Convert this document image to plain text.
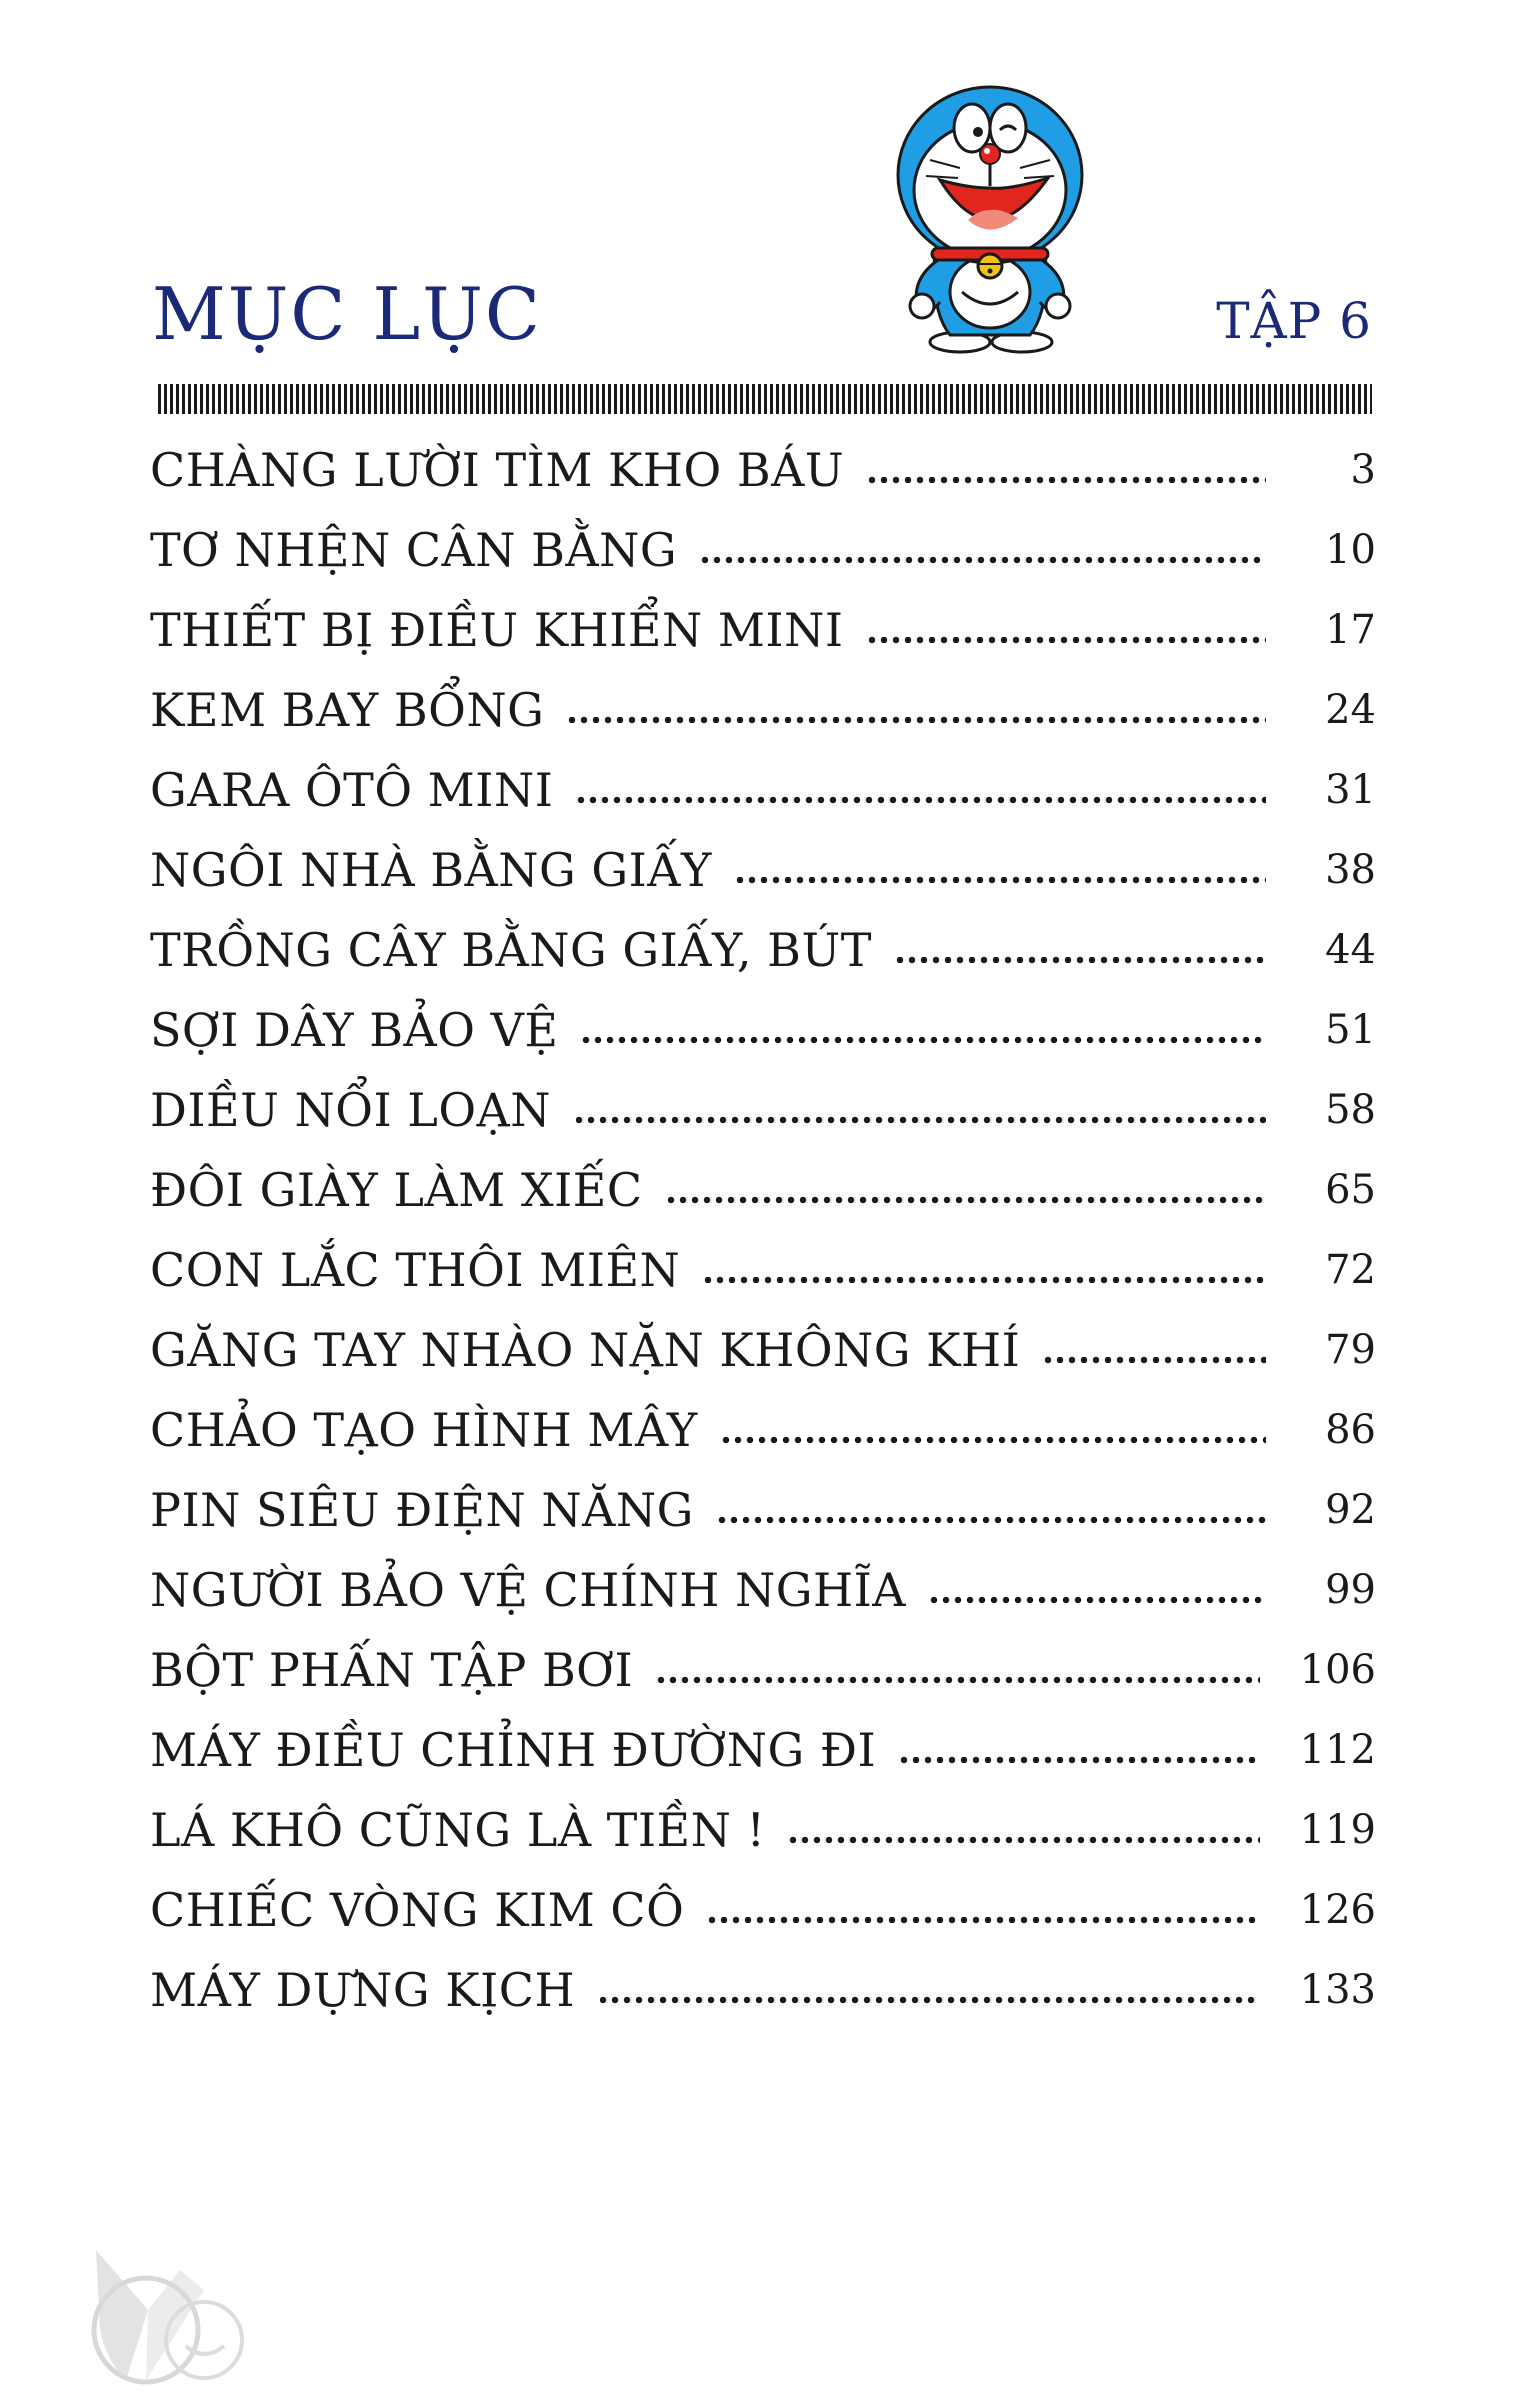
MỤC LỤC	TẬP 6
CHÀNG LƯỜI TÌM KHO BÁU	3
TƠ NHỆN CÂN BẰNG	10
THIẾT BỊ ĐIỀU KHIỂN MINI	17
KEM BAY BỔNG	24
GARA ÔTÔ MINI	31
NGÔI NHÀ BẰNG GIẤY	38
TRỒNG CÂY BẰNG GIẤY, BÚT	44
SỢI DÂY BẢO VỆ	51
DIỀU NỔI LOẠN	58
ĐÔI GIÀY LÀM XIẾC	65
CON LẮC THÔI MIÊN	72
GĂNG TAY NHÀO NẶN KHÔNG KHÍ	79
CHẢO TẠO HÌNH MÂY	86
PIN SIÊU ĐIỆN NĂNG	92
NGƯỜI BẢO VỆ CHÍNH NGHĨA	99
BỘT PHẤN TẬP BƠI	106
MÁY ĐIỀU CHỈNH ĐƯỜNG ĐI	112
LÁ KHÔ CŨNG LÀ TIỀN !	119
CHIẾC VÒNG KIM CÔ	126
MÁY DỰNG KỊCH	133
